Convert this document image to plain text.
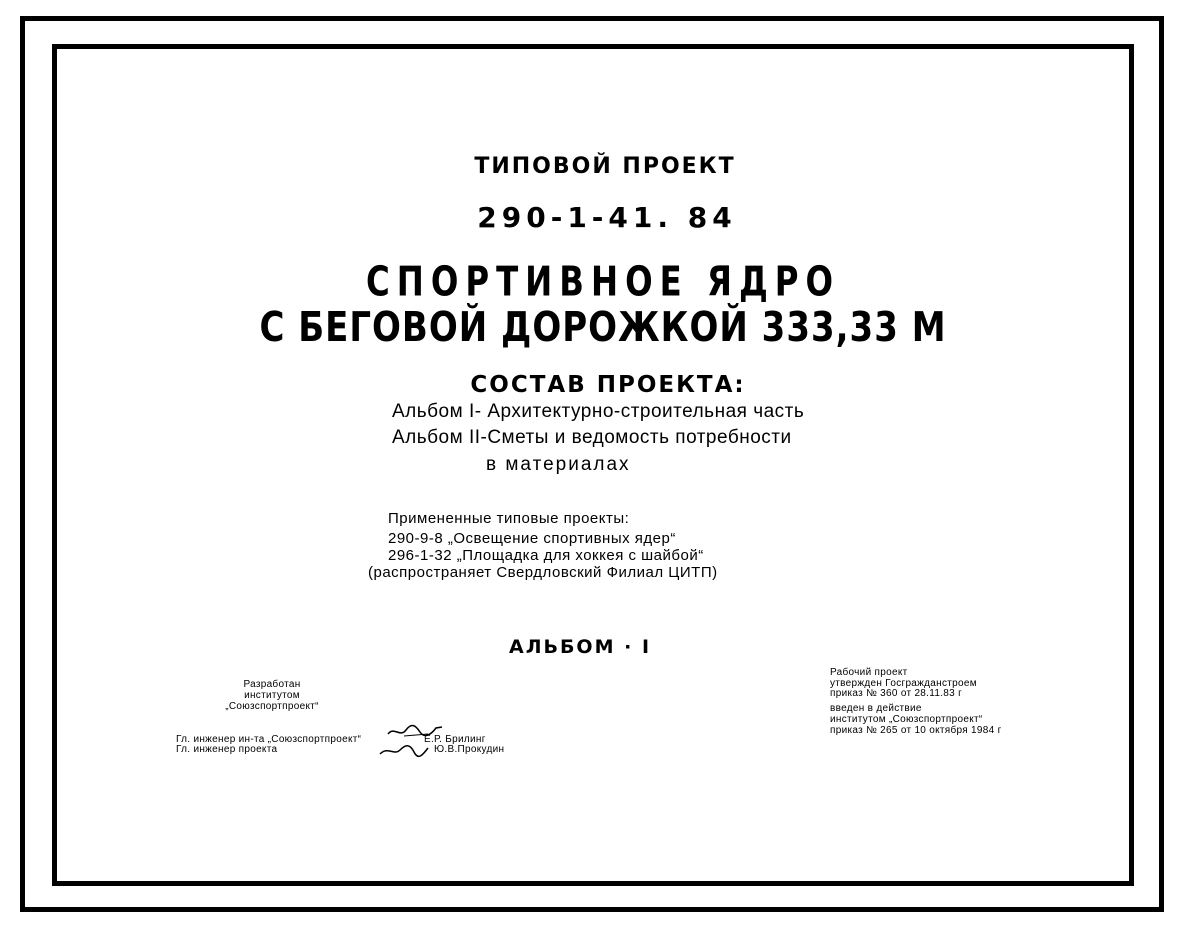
ТИПОВОЙ ПРОЕКТ
290-1-41. 84
СПОРТИВНОЕ ЯДРО
С БЕГОВОЙ ДОРОЖКОЙ 333,33 М
СОСТАВ ПРОЕКТА:
Альбом I- Архитектурно-строительная часть
Альбом II-Сметы и ведомость потребности
в материалах
Примененные типовые проекты:
290-9-8 „Освещение спортивных ядер“
296-1-32 „Площадка для хоккея с шайбой“
(распространяет Свердловский Филиал ЦИТП)
АЛЬБОМ · I
Разработан
институтом
„Союзспортпроект“
Гл. инженер ин-та „Союзспортпроект“
Гл. инженер проекта
Е.Р. Брилинг
Ю.В.Прокудин
Рабочий проект
утвержден Госгражданстроем
приказ № 360 от 28.11.83 г
введен в действие
институтом „Союзспортпроект“
приказ № 265 от 10 октября 1984 г
